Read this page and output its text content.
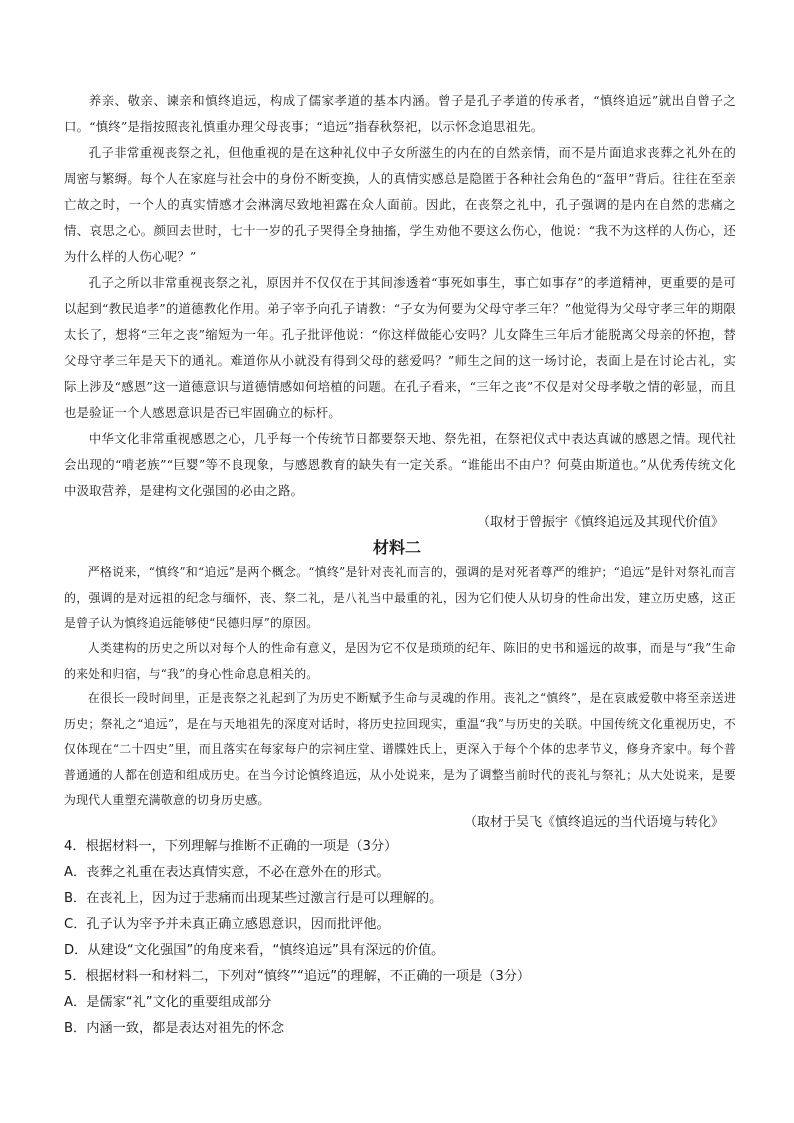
养亲、敬亲、谏亲和慎终追远，构成了儒家孝道的基本内涵。曾子是孔子孝道的传承者，“慎终追远”就出自曾子之口。“慎终”是指按照丧礼慎重办理父母丧事；“追远”指春秋祭祀，以示怀念追思祖先。

孔子非常重视丧祭之礼，但他重视的是在这种礼仪中子女所滋生的内在的自然亲情，而不是片面追求丧葬之礼外在的周密与繁缛。每个人在家庭与社会中的身份不断变换，人的真情实感总是隐匿于各种社会角色的“盔甲”背后。往往在至亲亡故之时，一个人的真实情感才会淋漓尽致地袒露在众人面前。因此，在丧祭之礼中，孔子强调的是内在自然的悲痛之情、哀思之心。颜回去世时，七十一岁的孔子哭得全身抽搐，学生劝他不要这么伤心，他说：“我不为这样的人伤心，还为什么样的人伤心呢？”

孔子之所以非常重视丧祭之礼，原因并不仅仅在于其间渗透着“事死如事生，事亡如事存”的孝道精神，更重要的是可以起到“教民追孝”的道德教化作用。弟子宰予向孔子请教：“子女为何要为父母守孝三年？”他觉得为父母守孝三年的期限太长了，想将“三年之丧”缩短为一年。孔子批评他说：“你这样做能心安吗？儿女降生三年后才能脱离父母亲的怀抱，替父母守孝三年是天下的通礼。难道你从小就没有得到父母的慈爱吗？”师生之间的这一场讨论，表面上是在讨论古礼，实际上涉及“感恩”这一道德意识与道德情感如何培植的问题。在孔子看来，“三年之丧”不仅是对父母孝敬之情的彰显，而且也是验证一个人感恩意识是否已牢固确立的标杆。

中华文化非常重视感恩之心，几乎每一个传统节日都要祭天地、祭先祖，在祭祀仪式中表达真诚的感恩之情。现代社会出现的“啃老族”“巨婴”等不良现象，与感恩教育的缺失有一定关系。“谁能出不由户？何莫由斯道也。”从优秀传统文化中汲取营养，是建构文化强国的必由之路。

（取材于曾振宇《慎终追远及其现代价值》
材料二

严格说来，“慎终”和“追远”是两个概念。“慎终”是针对丧礼而言的，强调的是对死者尊严的维护；“追远”是针对祭礼而言的，强调的是对远祖的纪念与缅怀，丧、祭二礼，是八礼当中最重的礼，因为它们使人从切身的性命出发，建立历史感，这正是曾子认为慎终追远能够使“民德归厚”的原因。

人类建构的历史之所以对每个人的性命有意义，是因为它不仅是琐琐的纪年、陈旧的史书和遥远的故事，而是与“我”生命的来处和归宿，与“我”的身心性命息息相关的。

在很长一段时间里，正是丧祭之礼起到了为历史不断赋予生命与灵魂的作用。丧礼之“慎终”，是在哀戚爱敬中将至亲送进历史；祭礼之“追远”，是在与天地祖先的深度对话时，将历史拉回现实，重温“我”与历史的关联。中国传统文化重视历史，不仅体现在“二十四史”里，而且落实在每家每户的宗祠庄堂、谱牒姓氏上，更深入于每个个体的忠孝节义，修身齐家中。每个普普通通的人都在创造和组成历史。在当今讨论慎终追远，从小处说来，是为了调整当前时代的丧礼与祭礼；从大处说来，是要为现代人重塑充满敬意的切身历史感。

（取材于吴飞《慎终追远的当代语境与转化》
4．根据材料一，下列理解与推断不正确的一项是（3分）
A．丧葬之礼重在表达真情实意，不必在意外在的形式。
B．在丧礼上，因为过于悲痛而出现某些过激言行是可以理解的。
C．孔子认为宰予并未真正确立感恩意识，因而批评他。
D．从建设“文化强国”的角度来看，“慎终追远”具有深远的价值。
5．根据材料一和材料二，下列对“慎终”“追远”的理解，不正确的一项是（3分）
A．是儒家“礼”文化的重要组成部分
B．内涵一致，都是表达对祖先的怀念
